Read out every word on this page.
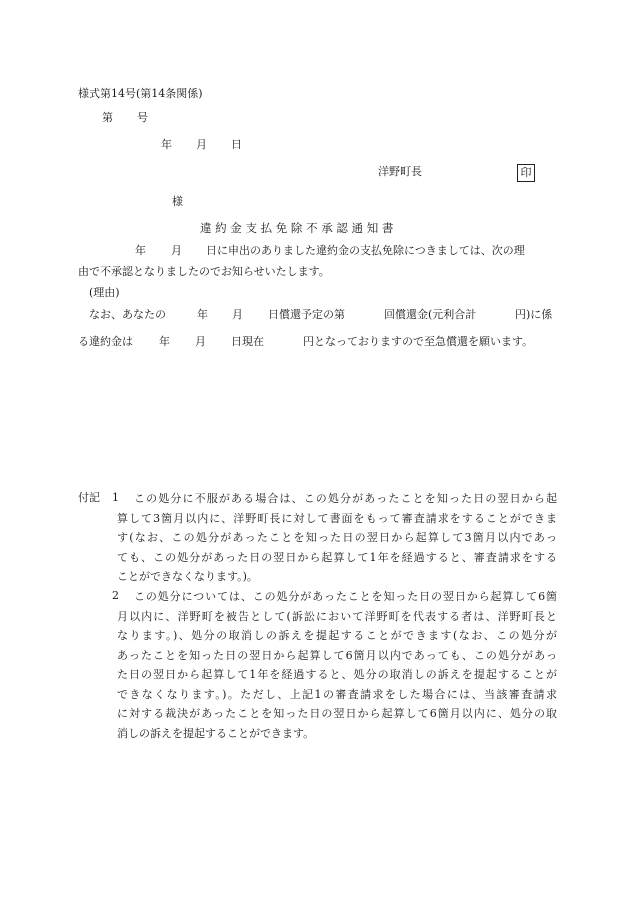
様式第14号(第14条関係)
第 号
年 月 日
洋野町長	印
様
違 約 金 支 払 免 除 不 承 認 通 知 書
年 月 日に申出のありました違約金の支払免除につきましては、次の理
由で不承認となりましたのでお知らせいたします。
(理由)
なお、あなたの	年 月 日償還予定の第	回償還金(元利合計	円)に係
る違約金は 年 月 日現在	円となっておりますので至急償還を願います。
付記 1 この処分に不服がある場合は、この処分があったことを知った日の翌日から起
算して3箇月以内に、洋野町長に対して書面をもって審査請求をすることができま
す(なお、この処分があったことを知った日の翌日から起算して3箇月以内であっ
ても、この処分があった日の翌日から起算して1年を経過すると、審査請求をする
ことができなくなります。)。
2 この処分については、この処分があったことを知った日の翌日から起算して6箇
月以内に、洋野町を被告として(訴訟において洋野町を代表する者は、洋野町長と
なります。)、処分の取消しの訴えを提起することができます(なお、この処分が
あったことを知った日の翌日から起算して6箇月以内であっても、この処分があっ
た日の翌日から起算して1年を経過すると、処分の取消しの訴えを提起することが
できなくなります。)。ただし、上記1の審査請求をした場合には、当該審査請求
に対する裁決があったことを知った日の翌日から起算して6箇月以内に、処分の取
消しの訴えを提起することができます。
